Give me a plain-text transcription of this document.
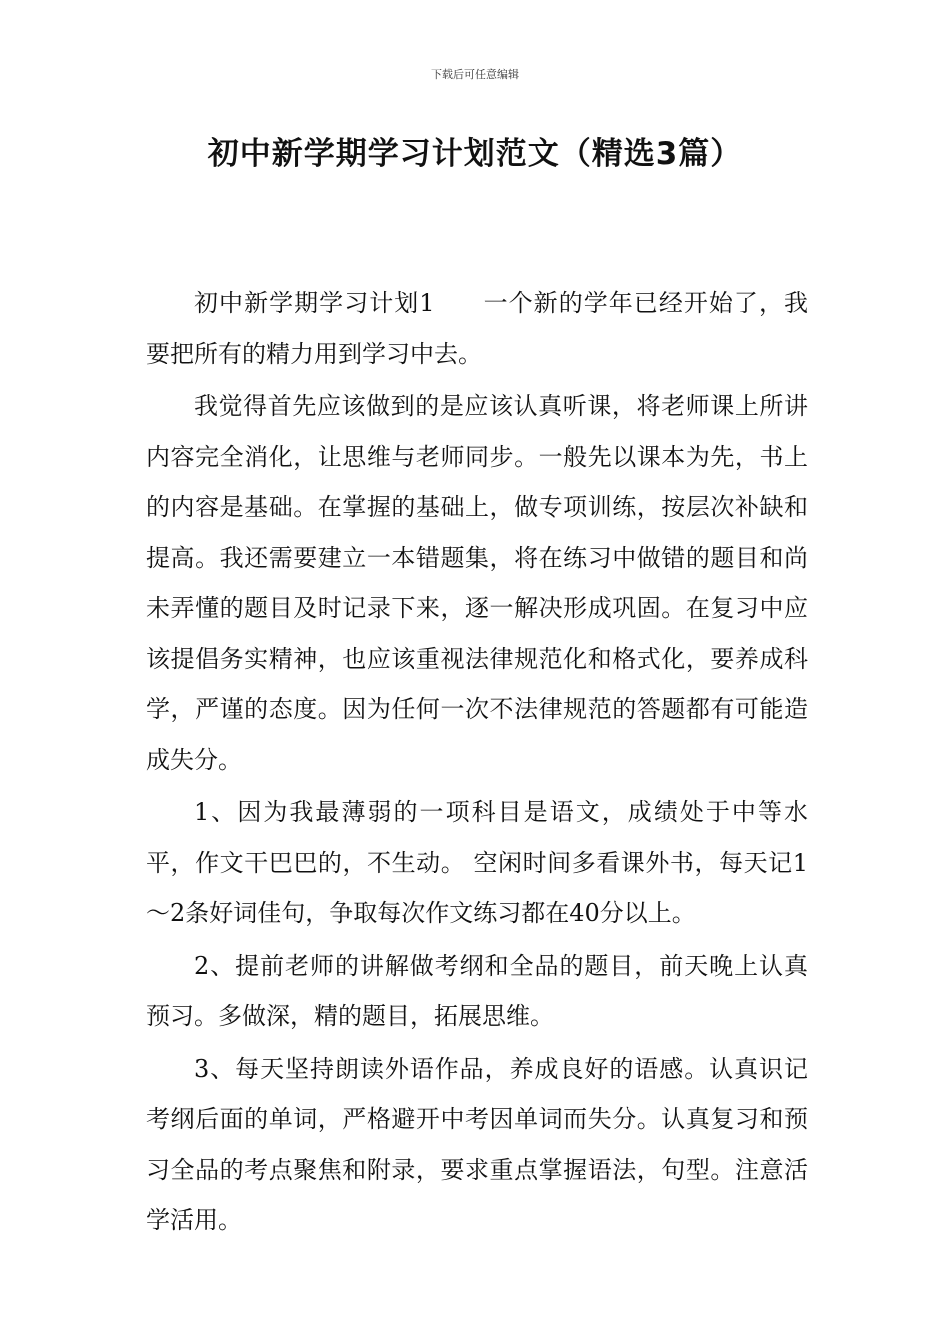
下载后可任意编辑
初中新学期学习计划范文（精选3篇）

初中新学期学习计划1 一个新的学年已经开始了，我要把所有的精力用到学习中去。

我觉得首先应该做到的是应该认真听课，将老师课上所讲内容完全消化，让思维与老师同步。一般先以课本为先，书上的内容是基础。在掌握的基础上，做专项训练，按层次补缺和提高。我还需要建立一本错题集，将在练习中做错的题目和尚未弄懂的题目及时记录下来，逐一解决形成巩固。在复习中应该提倡务实精神，也应该重视法律规范化和格式化，要养成科学，严谨的态度。因为任何一次不法律规范的答题都有可能造成失分。

1、因为我最薄弱的一项科目是语文，成绩处于中等水平，作文干巴巴的，不生动。 空闲时间多看课外书，每天记1～2条好词佳句，争取每次作文练习都在40分以上。

2、提前老师的讲解做考纲和全品的题目，前天晚上认真预习。多做深，精的题目，拓展思维。

3、每天坚持朗读外语作品，养成良好的语感。认真识记考纲后面的单词，严格避开中考因单词而失分。认真复习和预习全品的考点聚焦和附录，要求重点掌握语法，句型。注意活学活用。
